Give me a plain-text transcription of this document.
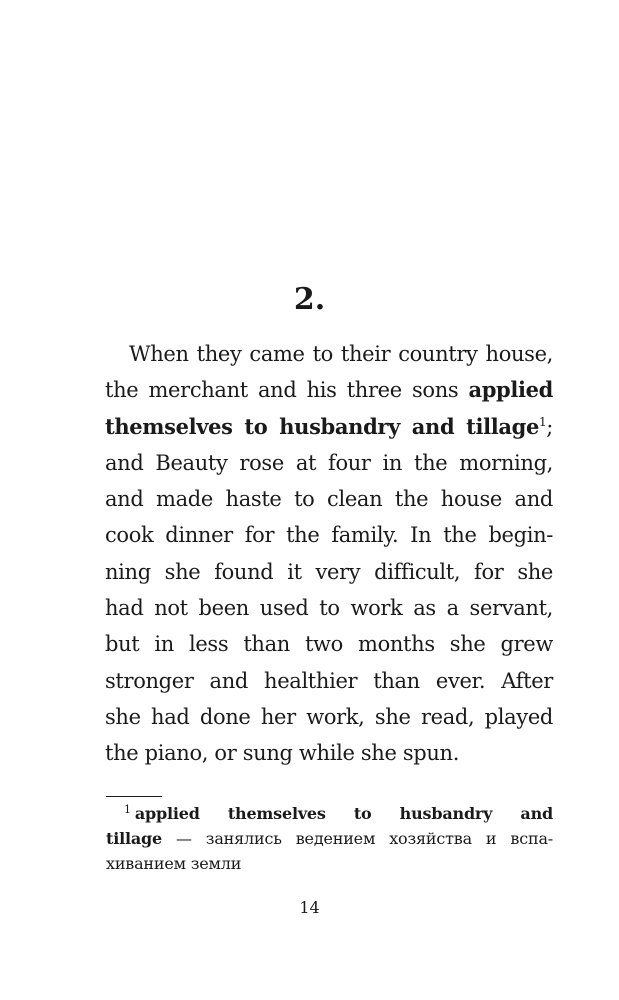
2.
When they came to their country house,
the merchant and his three sons applied
themselves to husbandry and tillage$^1$;
and Beauty rose at four in the morning,
and made haste to clean the house and
cook dinner for the family. In the begin-
ning she found it very difficult, for she
had not been used to work as a servant,
but in less than two months she grew
stronger and healthier than ever. After
she had done her work, she read, played
the piano, or sung while she spun.
$^1$ applied themselves to husbandry and
tillage — занялись ведением хозяйства и вспа-
хиванием земли
14
